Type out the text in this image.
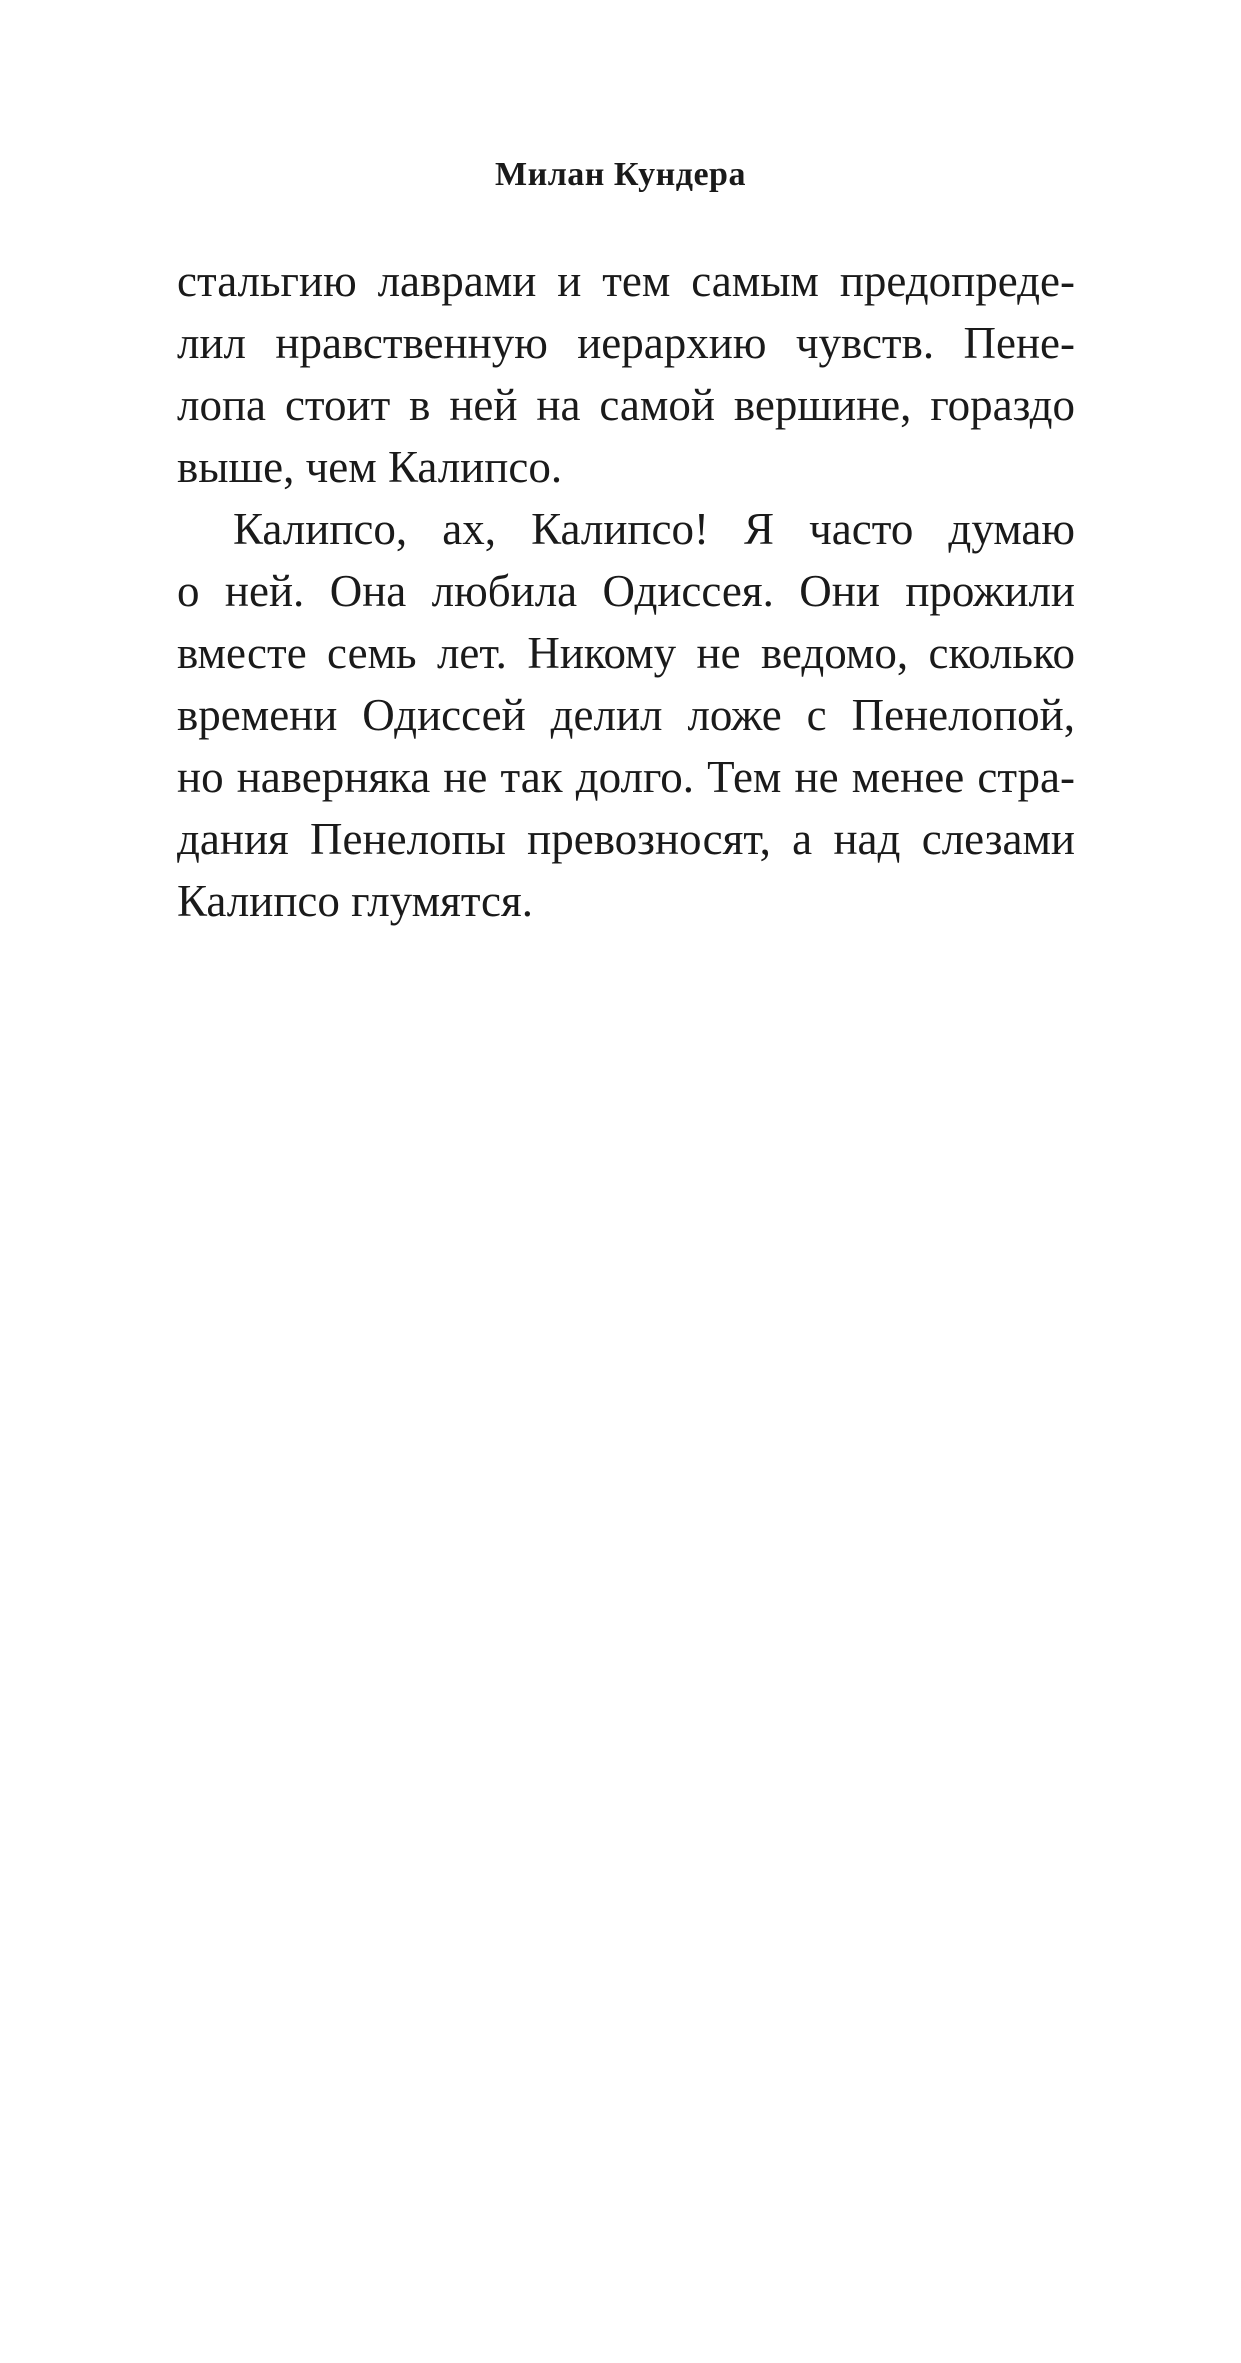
Милан Кундера
стальгию лаврами и тем самым предопреде-
лил нравственную иерархию чувств. Пене-
лопа стоит в ней на самой вершине, гораздо
выше, чем Калипсо.
Калипсо, ах, Калипсо! Я часто думаю
о ней. Она любила Одиссея. Они прожили
вместе семь лет. Никому не ведомо, сколько
времени Одиссей делил ложе с Пенелопой,
но наверняка не так долго. Тем не менее стра-
дания Пенелопы превозносят, а над слезами
Калипсо глумятся.
